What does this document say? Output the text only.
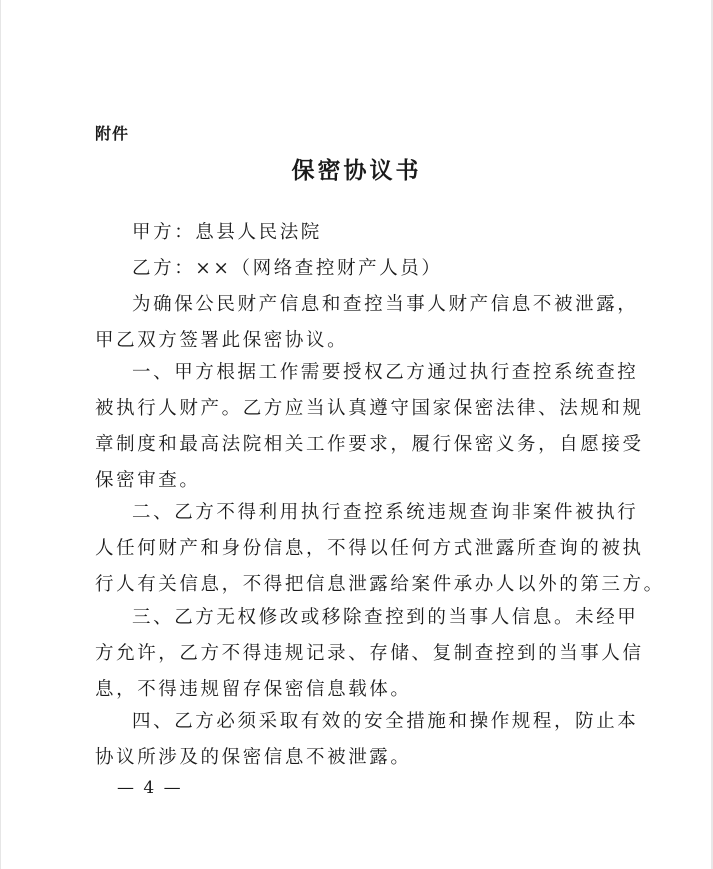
附件
保密协议书
甲方：息县人民法院
乙方：××（网络查控财产人员）
为确保公民财产信息和查控当事人财产信息不被泄露，
甲乙双方签署此保密协议。
一、甲方根据工作需要授权乙方通过执行查控系统查控
被执行人财产。乙方应当认真遵守国家保密法律、法规和规
章制度和最高法院相关工作要求，履行保密义务，自愿接受
保密审查。
二、乙方不得利用执行查控系统违规查询非案件被执行
人任何财产和身份信息，不得以任何方式泄露所查询的被执
行人有关信息，不得把信息泄露给案件承办人以外的第三方。
三、乙方无权修改或移除查控到的当事人信息。未经甲
方允许，乙方不得违规记录、存储、复制查控到的当事人信
息，不得违规留存保密信息载体。
四、乙方必须采取有效的安全措施和操作规程，防止本
协议所涉及的保密信息不被泄露。
— 4 —
